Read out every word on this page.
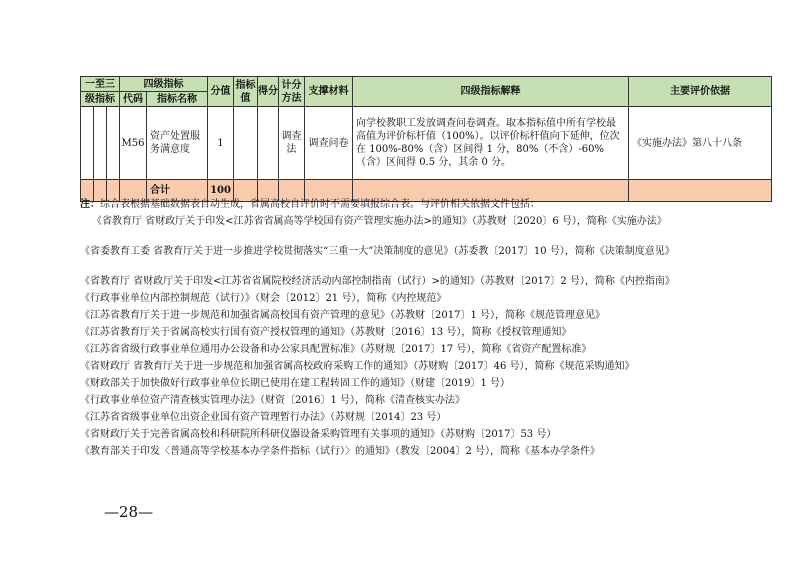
一至三			四级指标		分值	指标值	得分	计分方法	支撑材料	四级指标解释	主要评价依据
级指标			代码	指标名称							
			M56	资产处置服务满意度	1			调查法	调查问卷	向学校教职工发放调查问卷调查。取本指标值中所有学校最高值为评价标杆值（100%）。以评价标杆值向下延伸，位次在 100%-80%（含）区间得 1 分，80%（不含）-60%（含）区间得 0.5 分，其余 0 分。	《实施办法》第八十八条
				合计	100						
注：综合表根据基础数据表自动生成，省属高校自评价时不需要填报综合表。与评价相关依据文件包括：
《省教育厅 省财政厅关于印发<江苏省省属高等学校国有资产管理实施办法>的通知》（苏教财〔2020〕6 号），简称《实施办法》
《省委教育工委 省教育厅关于进一步推进学校贯彻落实“三重一大”决策制度的意见》（苏委教〔2017〕10 号），简称《决策制度意见》
《省教育厅 省财政厅关于印发<江苏省省属院校经济活动内部控制指南（试行）>的通知》（苏教财〔2017〕2 号），简称《内控指南》
《行政事业单位内部控制规范（试行）》（财会〔2012〕21 号），简称《内控规范》
《江苏省教育厅关于进一步规范和加强省属高校国有资产管理的意见》（苏教财〔2017〕1 号），简称《规范管理意见》
《江苏省教育厅关于省属高校实行国有资产授权管理的通知》（苏教财〔2016〕13 号），简称《授权管理通知》
《江苏省省级行政事业单位通用办公设备和办公家具配置标准》（苏财规〔2017〕17 号），简称《省资产配置标准》
《省财政厅 省教育厅关于进一步规范和加强省属高校政府采购工作的通知》（苏财购〔2017〕46 号），简称《规范采购通知》
《财政部关于加快做好行政事业单位长期已使用在建工程转固工作的通知》（财建〔2019〕1 号）
《行政事业单位资产清查核实管理办法》（财资〔2016〕1 号），简称《清查核实办法》
《江苏省省级事业单位出资企业国有资产管理暂行办法》（苏财规〔2014〕23 号）
《省财政厅关于完善省属高校和科研院所科研仪器设备采购管理有关事项的通知》（苏财购〔2017〕53 号）
《教育部关于印发〈普通高等学校基本办学条件指标（试行）〉的通知》（教发〔2004〕2 号），简称《基本办学条件》
—28—
